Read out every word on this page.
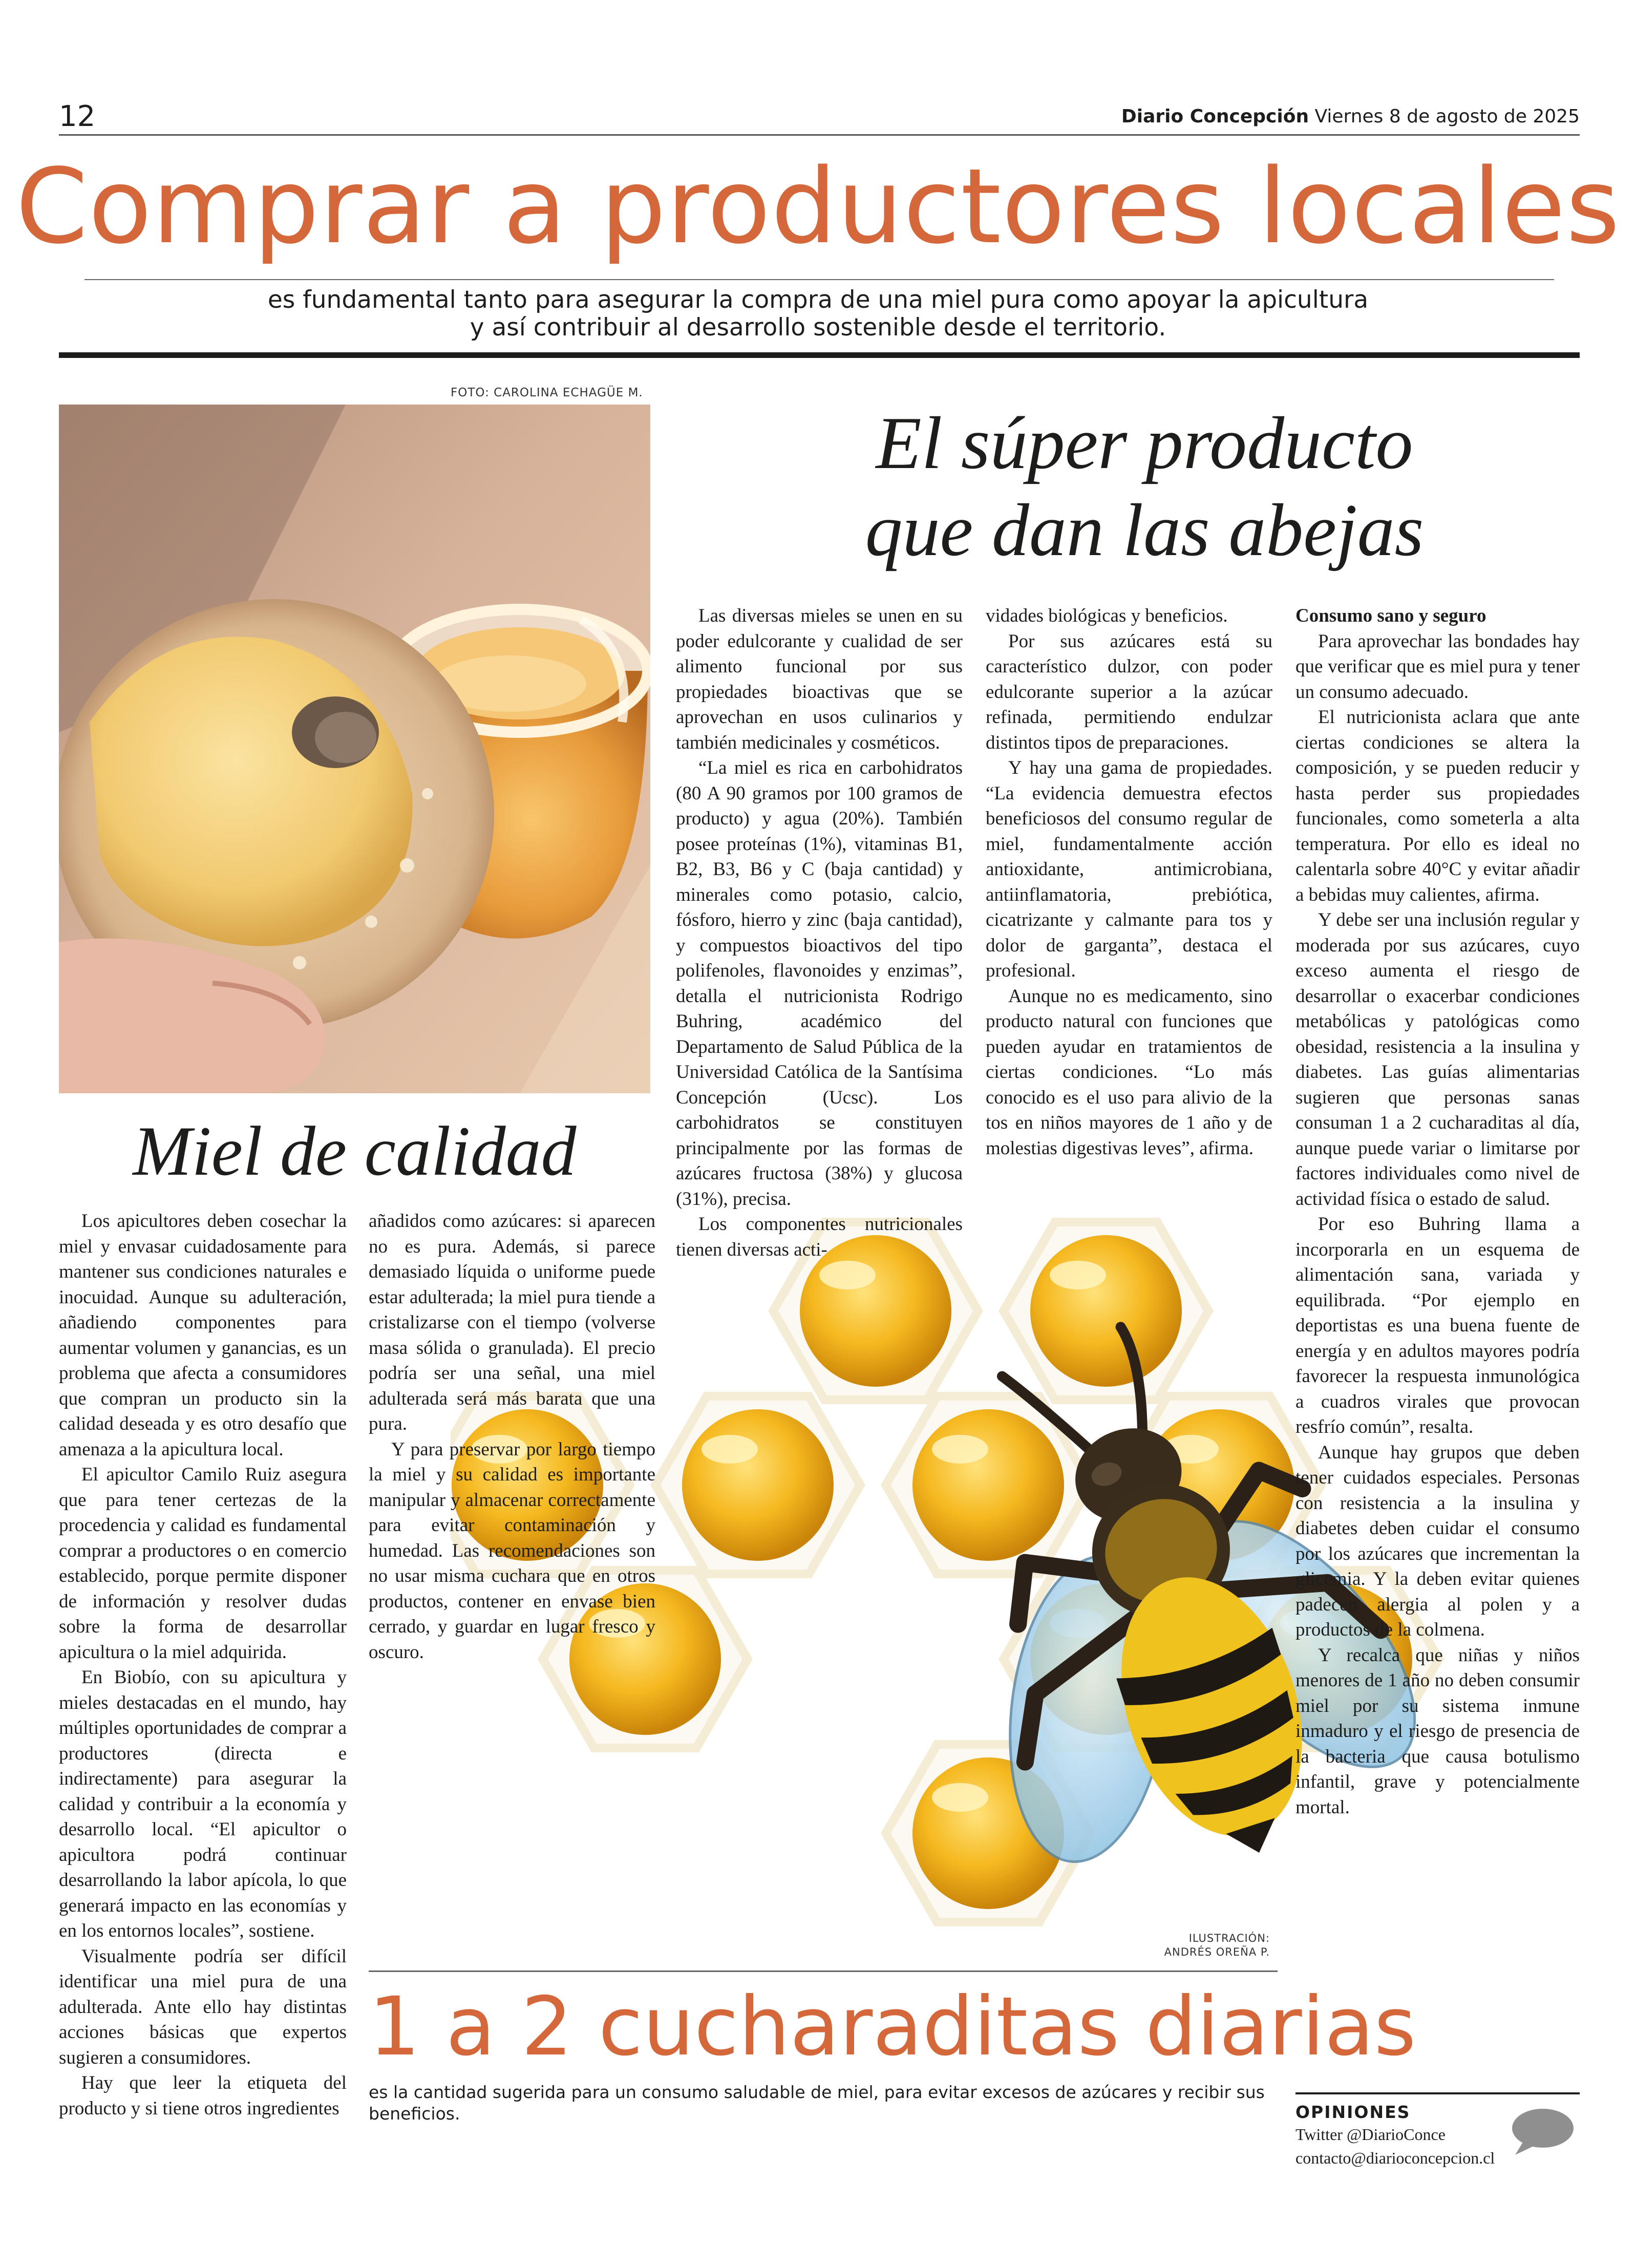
12	Diario Concepción Viernes 8 de agosto de 2025
Comprar a productores locales
es fundamental tanto para asegurar la compra de una miel pura como apoyar la apicultura
y así contribuir al desarrollo sostenible desde el territorio.
FOTO: CAROLINA ECHAGÜE M.
El súper producto
que dan las abejas
Miel de calidad
ILUSTRACIÓN:
ANDRÉS OREÑA P.

Las diversas mieles se unen en su poder edulcorante y cualidad de ser alimento funcional por sus propiedades bioactivas que se aprovechan en usos culinarios y también medicinales y cosméticos.

“La miel es rica en carbohidratos (80 A 90 gramos por 100 gramos de producto) y agua (20%). También posee proteínas (1%), vitaminas B1, B2, B3, B6 y C (baja cantidad) y minerales como potasio, calcio, fósforo, hierro y zinc (baja cantidad), y compuestos bioactivos del tipo polifenoles, flavonoides y enzimas”, detalla el nutricionista Rodrigo Buhring, académico del Departamento de Salud Pública de la Universidad Católica de la Santísima Concepción (Ucsc). Los carbohidratos se constituyen principalmente por las formas de azúcares fructosa (38%) y glucosa (31%), precisa.

Los componentes nutricionales tienen diversas acti-

vidades biológicas y beneficios.

Por sus azúcares está su característico dulzor, con poder edulcorante superior a la azúcar refinada, permitiendo endulzar distintos tipos de preparaciones.

Y hay una gama de propiedades. “La evidencia demuestra efectos beneficiosos del consumo regular de miel, fundamentalmente acción antioxidante, antimicrobiana, antiinflamatoria, prebiótica, cicatrizante y calmante para tos y dolor de garganta”, destaca el profesional.

Aunque no es medicamento, sino producto natural con funciones que pueden ayudar en tratamientos de ciertas condiciones. “Lo más conocido es el uso para alivio de la tos en niños mayores de 1 año y de molestias digestivas leves”, afirma.

Consumo sano y seguro

Para aprovechar las bondades hay que verificar que es miel pura y tener un consumo adecuado.

El nutricionista aclara que ante ciertas condiciones se altera la composición, y se pueden reducir y hasta perder sus propiedades funcionales, como someterla a alta temperatura. Por ello es ideal no calentarla sobre 40°C y evitar añadir a bebidas muy calientes, afirma.

Y debe ser una inclusión regular y moderada por sus azúcares, cuyo exceso aumenta el riesgo de desarrollar o exacerbar condiciones metabólicas y patológicas como obesidad, resistencia a la insulina y diabetes. Las guías alimentarias sugieren que personas sanas consuman 1 a 2 cucharaditas al día, aunque puede variar o limitarse por factores individuales como nivel de actividad física o estado de salud.

Por eso Buhring llama a incorporarla en un esquema de alimentación sana, variada y equilibrada. “Por ejemplo en deportistas es una buena fuente de energía y en adultos mayores podría favorecer la respuesta inmunológica a cuadros virales que provocan resfrío común”, resalta.

Aunque hay grupos que deben tener cuidados especiales. Personas con resistencia a la insulina y diabetes deben cuidar el consumo por los azúcares que incrementan la glicemia. Y la deben evitar quienes padecen alergia al polen y a productos de la colmena.

Y recalca que niñas y niños menores de 1 año no deben consumir miel por su sistema inmune inmaduro y el riesgo de presencia de la bacteria que causa botulismo infantil, grave y potencialmente mortal.

Los apicultores deben cosechar la miel y envasar cuidadosamente para mantener sus condiciones naturales e inocuidad. Aunque su adulteración, añadiendo componentes para aumentar volumen y ganancias, es un problema que afecta a consumidores que compran un producto sin la calidad deseada y es otro desafío que amenaza a la apicultura local.

El apicultor Camilo Ruiz asegura que para tener certezas de la procedencia y calidad es fundamental comprar a productores o en comercio establecido, porque permite disponer de información y resolver dudas sobre la forma de desarrollar apicultura o la miel adquirida.

En Biobío, con su apicultura y mieles destacadas en el mundo, hay múltiples oportunidades de comprar a productores (directa e indirectamente) para asegurar la calidad y contribuir a la economía y desarrollo local. “El apicultor o apicultora podrá continuar desarrollando la labor apícola, lo que generará impacto en las economías y en los entornos locales”, sostiene.

Visualmente podría ser difícil identificar una miel pura de una adulterada. Ante ello hay distintas acciones básicas que expertos sugieren a consumidores.

Hay que leer la etiqueta del producto y si tiene otros ingredientes

añadidos como azúcares: si aparecen no es pura. Además, si parece demasiado líquida o uniforme puede estar adulterada; la miel pura tiende a cristalizarse con el tiempo (volverse masa sólida o granulada). El precio podría ser una señal, una miel adulterada será más barata que una pura.

Y para preservar por largo tiempo la miel y su calidad es importante manipular y almacenar correctamente para evitar contaminación y humedad. Las recomendaciones son no usar misma cuchara que en otros productos, contener en envase bien cerrado, y guardar en lugar fresco y oscuro.

1 a 2 cucharaditas diarias
es la cantidad sugerida para un consumo saludable de miel, para evitar excesos de azúcares y recibir sus beneficios.	OPINIONES
Twitter @DiarioConce
contacto@diarioconcepcion.cl
